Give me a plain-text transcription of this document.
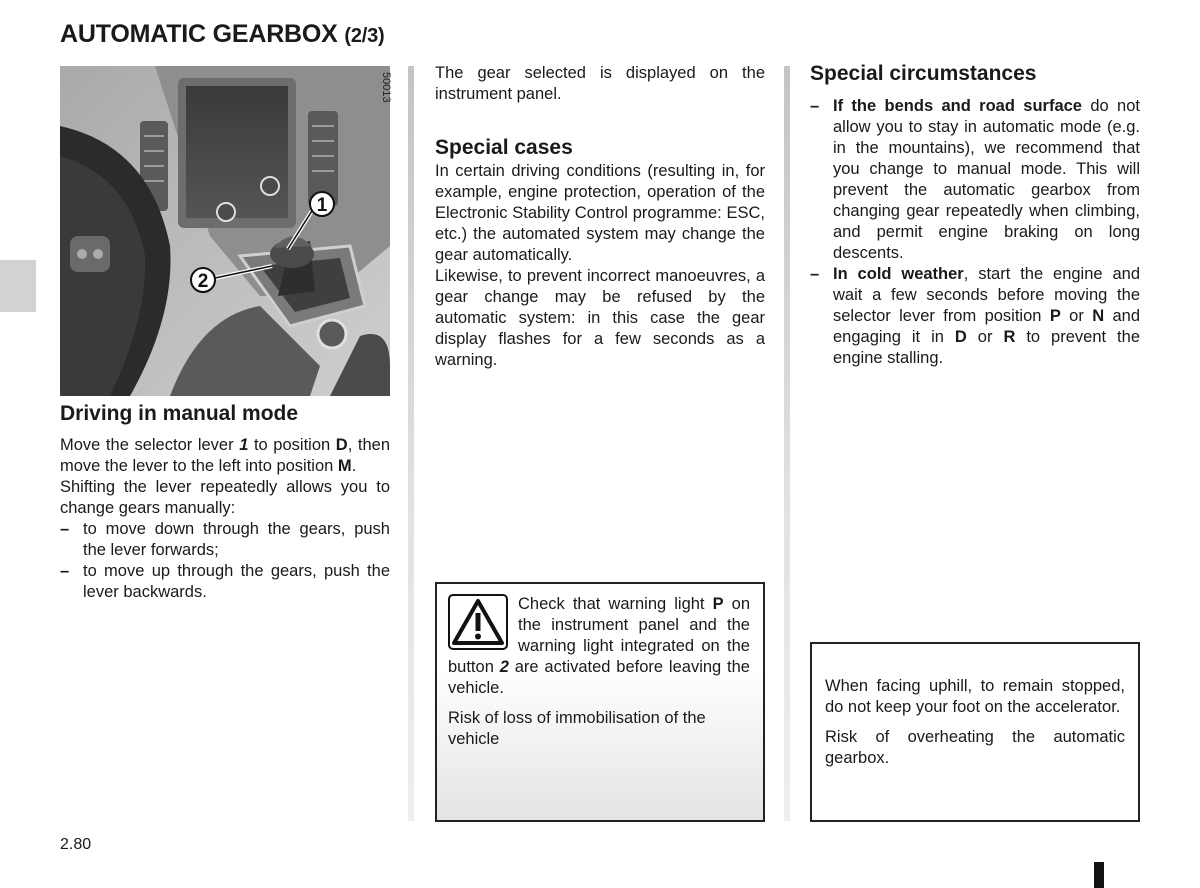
AUTOMATIC GEARBOX (2/3)
50013
1
2
Driving in manual mode

Move the selector lever 1 to position D, then move the lever to the left into position M.

Shifting the lever repeatedly allows you to change gears manually:

– to move down through the gears, push the lever forwards;

– to move up through the gears, push the lever backwards.

The gear selected is displayed on the instrument panel.

Special cases

In certain driving conditions (resulting in, for example, engine protection, operation of the Electronic Stability Control programme: ESC, etc.) the automated system may change the gear automatically.

Likewise, to prevent incorrect manoeuvres, a gear change may be refused by the automatic system: in this case the gear display flashes for a few seconds as a warning.

Check that warning light P on the instrument panel and the warning light integrated on the button 2 are activated before leaving the vehicle.

Risk of loss of immobilisation of the vehicle

Special circumstances

– If the bends and road surface do not allow you to stay in automatic mode (e.g. in the mountains), we recommend that you change to manual mode. This will prevent the automatic gearbox from changing gear repeatedly when climbing, and permit engine braking on long descents.

– In cold weather, start the engine and wait a few seconds before moving the selector lever from position P or N and engaging it in D or R to prevent the engine stalling.

When facing uphill, to remain stopped, do not keep your foot on the accelerator.

Risk of overheating the automatic gearbox.

2.80
